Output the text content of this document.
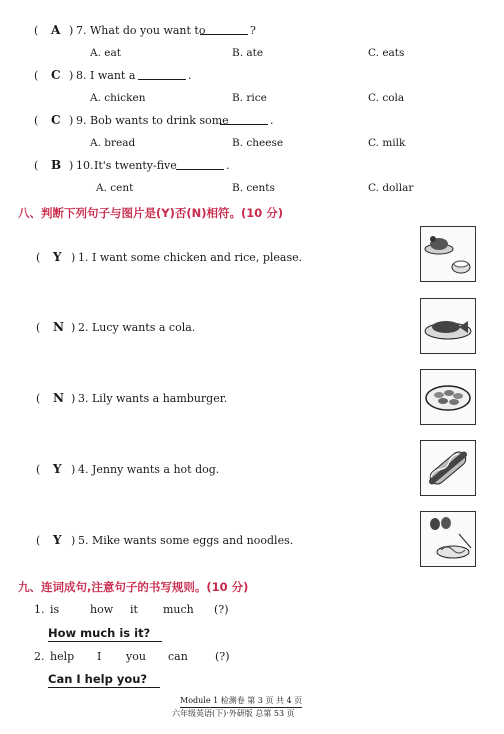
( A ) 7. What do you want to	?
A. eat	B. ate	C. eats
( C ) 8. I want a	.
A. chicken	B. rice	C. cola
( C ) 9. Bob wants to drink some	.
A. bread	B. cheese	C. milk
( B ) 10. It's twenty-five	.
A. cent	B. cents	C. dollar
八、判断下列句子与图片是(Y)否(N)相符。(10 分)
( Y ) 1. I want some chicken and rice, please.
( N ) 2. Lucy wants a cola.
( N ) 3. Lily wants a hamburger.
( Y ) 4. Jenny wants a hot dog.
( Y ) 5. Mike wants some eggs and noodles.
九、连词成句,注意句子的书写规则。(10 分)
1. is	how it much (?)
How much is it?
2. help I you can (?)
Can I help you?
Module 1 检测卷 第 3 页 共 4 页
六年级英语(下)·外研版 总第 53 页
